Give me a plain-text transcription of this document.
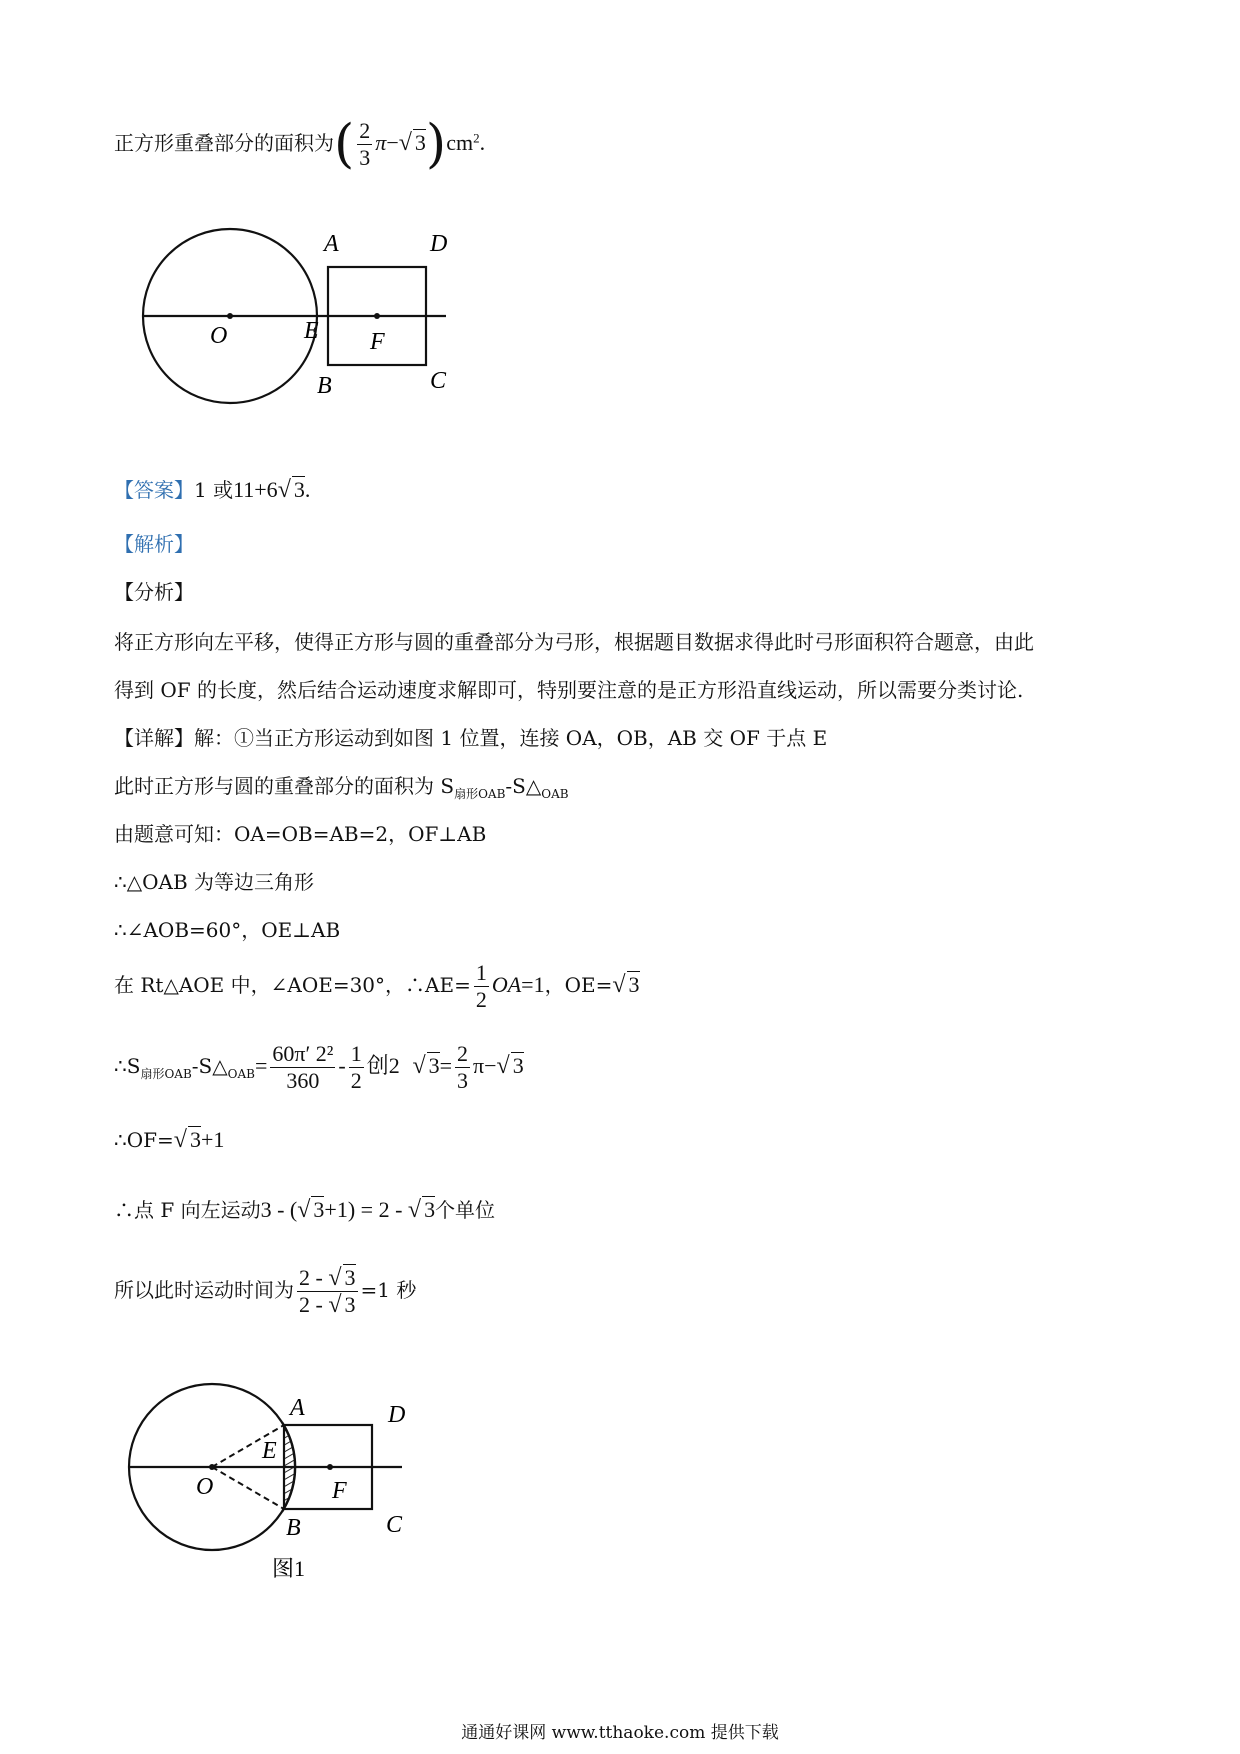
正方形重叠部分的面积为( $\frac{2}{3} \pi-√$ $3)cm^2$.
A	D
O	E F
B	C
【答案】1 或11+6√ 3.
【解析】
【分析】
将正方形向左平移，使得正方形与圆的重叠部分为弓形，根据题目数据求得此时弓形面积符合题意，由此
得到 OF 的长度，然后结合运动速度求解即可，特别要注意的是正方形沿直线运动，所以需要分类讨论.
【详解】解：①当正方形运动到如图 1 位置，连接 OA，OB，AB 交 OF 于点 E
此时正方形与圆的重叠部分的面积为 $S_{扇形OAB}-S\triangle_{OAB}$
由题意可知：OA=OB=AB=2，OF⊥AB
∴△OAB 为等边三角形
∴∠AOB=60°，OE⊥AB
在 Rt△AOE 中，∠AOE=30°，∴AE= $\frac{1}{2} OA=1$，OE=√ 3
$\therefore S_{扇形OAB}-S\triangle_{OAB}= \frac{\text{60π′ 2²}}{360} - \frac{1}{2}$ 创2 √ $3= \frac{2}{3} \pi-√$ 3
∴OF=√ 3+1
∴点 F 向左运动3 - (√ 3+1) = 2 - √ 3个单位
所以此时运动时间为 $\frac{2 - √ 3}{2 - √ 3} =1$ 秒
A	D
E
O	F
B	C
图1
通通好课网 www.tthaoke.com 提供下载
